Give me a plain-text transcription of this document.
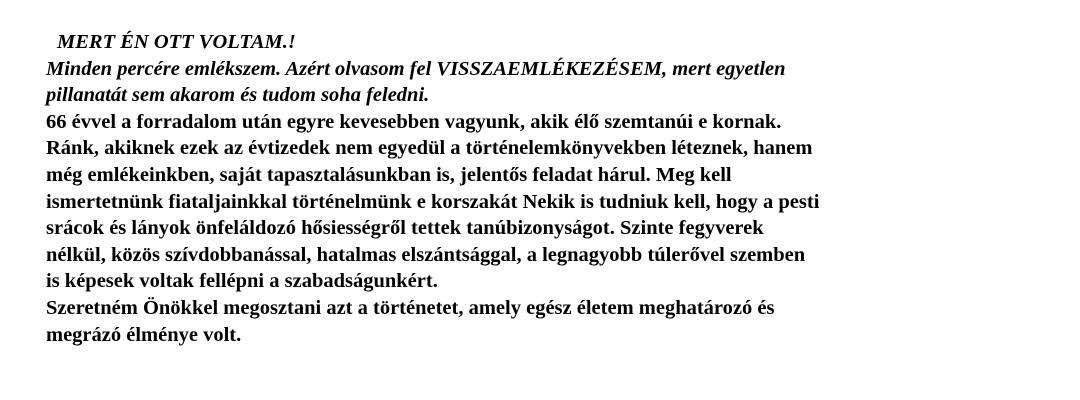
MERT ÉN OTT VOLTAM.!
Minden percére emlékszem. Azért olvasom fel VISSZAEMLÉKEZÉSEM, mert egyetlen
pillanatát sem akarom és tudom soha feledni.
66 évvel a forradalom után egyre kevesebben vagyunk, akik élő szemtanúi e kornak.
Ránk, akiknek ezek az évtizedek nem egyedül a történelemkönyvekben léteznek, hanem
még emlékeinkben, saját tapasztalásunkban is, jelentős feladat hárul. Meg kell
ismertetnünk fiataljainkkal történelmünk e korszakát Nekik is tudniuk kell, hogy a pesti
srácok és lányok önfeláldozó hősiességről tettek tanúbizonyságot. Szinte fegyverek
nélkül, közös szívdobbanással, hatalmas elszántsággal, a legnagyobb túlerővel szemben
is képesek voltak fellépni a szabadságunkért.
Szeretném Önökkel megosztani azt a történetet, amely egész életem meghatározó és
megrázó élménye volt.
